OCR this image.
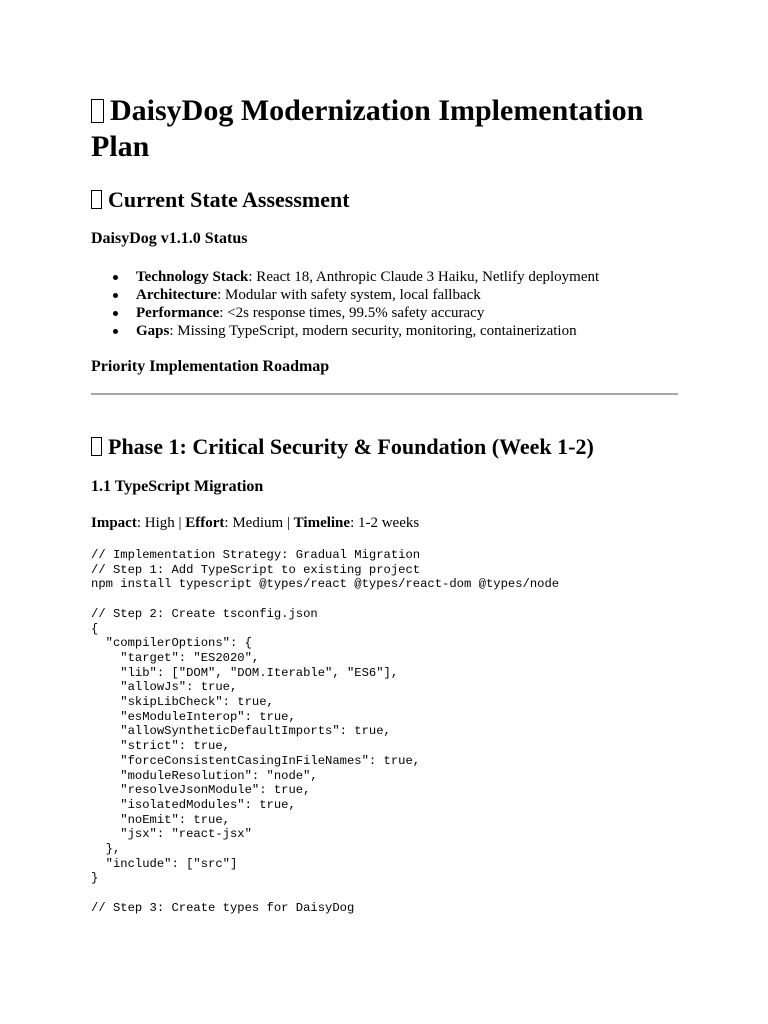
DaisyDog Modernization Implementation Plan
Current State Assessment
DaisyDog v1.1.0 Status
Technology Stack: React 18, Anthropic Claude 3 Haiku, Netlify deployment
Architecture: Modular with safety system, local fallback
Performance: <2s response times, 99.5% safety accuracy
Gaps: Missing TypeScript, modern security, monitoring, containerization
Priority Implementation Roadmap
Phase 1: Critical Security & Foundation (Week 1-2)
1.1 TypeScript Migration
Impact: High | Effort: Medium | Timeline: 1-2 weeks
// Implementation Strategy: Gradual Migration
// Step 1: Add TypeScript to existing project
npm install typescript @types/react @types/react-dom @types/node

// Step 2: Create tsconfig.json
{
"compilerOptions": {
"target": "ES2020",
"lib": ["DOM", "DOM.Iterable", "ES6"],
"allowJs": true,
"skipLibCheck": true,
"esModuleInterop": true,
"allowSyntheticDefaultImports": true,
"strict": true,
"forceConsistentCasingInFileNames": true,
"moduleResolution": "node",
"resolveJsonModule": true,
"isolatedModules": true,
"noEmit": true,
"jsx": "react-jsx"
},
"include": ["src"]
}

// Step 3: Create types for DaisyDog
